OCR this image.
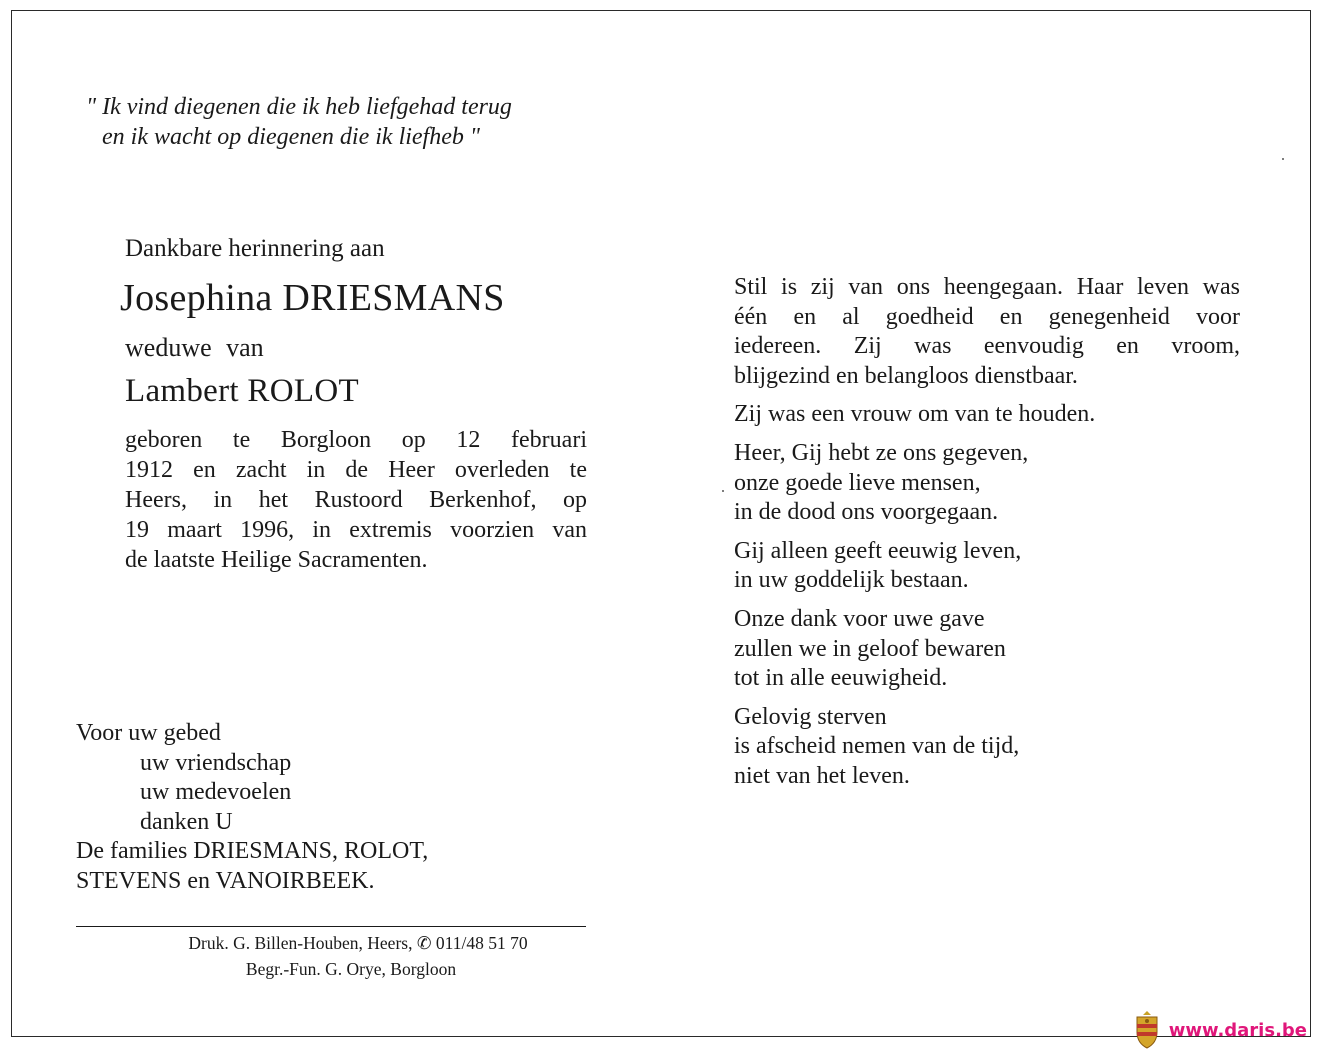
" Ik vind diegenen die ik heb liefgehad terug
en ik wacht op diegenen die ik liefheb "
Dankbare herinnering aan
Josephina DRIESMANS
weduwe van
Lambert ROLOT
geboren te Borgloon op 12 februari
1912 en zacht in de Heer overleden te
Heers, in het Rustoord Berkenhof, op
19 maart 1996, in extremis voorzien van
de laatste Heilige Sacramenten.
Voor uw gebed
uw vriendschap
uw medevoelen
danken U
De families DRIESMANS, ROLOT,
STEVENS en VANOIRBEEK.
Druk. G. Billen-Houben, Heers, ✆ 011/48 51 70
Begr.-Fun. G. Orye, Borgloon
Stil is zij van ons heengegaan. Haar leven was
één en al goedheid en genegenheid voor
iedereen. Zij was eenvoudig en vroom,
blijgezind en belangloos dienstbaar.
Zij was een vrouw om van te houden.
Heer, Gij hebt ze ons gegeven,
onze goede lieve mensen,
in de dood ons voorgegaan.
Gij alleen geeft eeuwig leven,
in uw goddelijk bestaan.
Onze dank voor uwe gave
zullen we in geloof bewaren
tot in alle eeuwigheid.
Gelovig sterven
is afscheid nemen van de tijd,
niet van het leven.
www.daris.be
